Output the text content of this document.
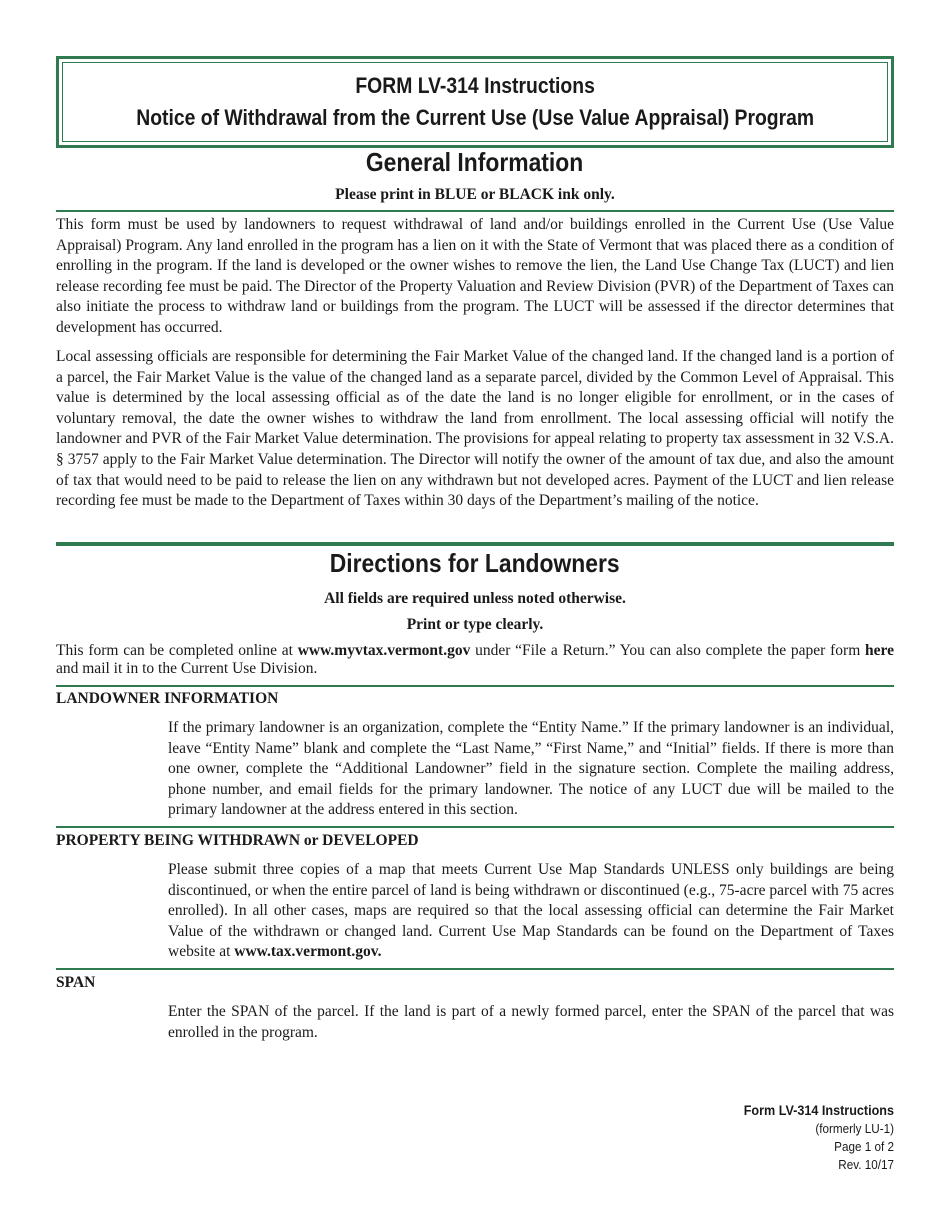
FORM LV-314 Instructions
Notice of Withdrawal from the Current Use (Use Value Appraisal) Program
General Information
Please print in BLUE or BLACK ink only.

This form must be used by landowners to request withdrawal of land and/or buildings enrolled in the Current Use (Use Value Appraisal) Program. Any land enrolled in the program has a lien on it with the State of Vermont that was placed there as a condition of enrolling in the program. If the land is developed or the owner wishes to remove the lien, the Land Use Change Tax (LUCT) and lien release recording fee must be paid. The Director of the Property Valuation and Review Division (PVR) of the Department of Taxes can also initiate the process to withdraw land or buildings from the program. The LUCT will be assessed if the director determines that development has occurred.

Local assessing officials are responsible for determining the Fair Market Value of the changed land. If the changed land is a portion of a parcel, the Fair Market Value is the value of the changed land as a separate parcel, divided by the Common Level of Appraisal. This value is determined by the local assessing official as of the date the land is no longer eligible for enrollment, or in the cases of voluntary removal, the date the owner wishes to withdraw the land from enrollment. The local assessing official will notify the landowner and PVR of the Fair Market Value determination. The provisions for appeal relating to property tax assessment in 32 V.S.A. § 3757 apply to the Fair Market Value determination. The Director will notify the owner of the amount of tax due, and also the amount of tax that would need to be paid to release the lien on any withdrawn but not developed acres. Payment of the LUCT and lien release recording fee must be made to the Department of Taxes within 30 days of the Department’s mailing of the notice.

Directions for Landowners
All fields are required unless noted otherwise.
Print or type clearly.

This form can be completed online at www.myvtax.vermont.gov under “File a Return.” You can also complete the paper form here and mail it in to the Current Use Division.

LANDOWNER INFORMATION

If the primary landowner is an organization, complete the “Entity Name.” If the primary landowner is an individual, leave “Entity Name” blank and complete the “Last Name,” “First Name,” and “Initial” fields. If there is more than one owner, complete the “Additional Landowner” field in the signature section. Complete the mailing address, phone number, and email fields for the primary landowner. The notice of any LUCT due will be mailed to the primary landowner at the address entered in this section.

PROPERTY BEING WITHDRAWN or DEVELOPED

Please submit three copies of a map that meets Current Use Map Standards UNLESS only buildings are being discontinued, or when the entire parcel of land is being withdrawn or discontinued (e.g., 75-acre parcel with 75 acres enrolled). In all other cases, maps are required so that the local assessing official can determine the Fair Market Value of the withdrawn or changed land. Current Use Map Standards can be found on the Department of Taxes website at www.tax.vermont.gov.

SPAN

Enter the SPAN of the parcel. If the land is part of a newly formed parcel, enter the SPAN of the parcel that was enrolled in the program.

Form LV-314 Instructions
(formerly LU-1)
Page 1 of 2
Rev. 10/17
